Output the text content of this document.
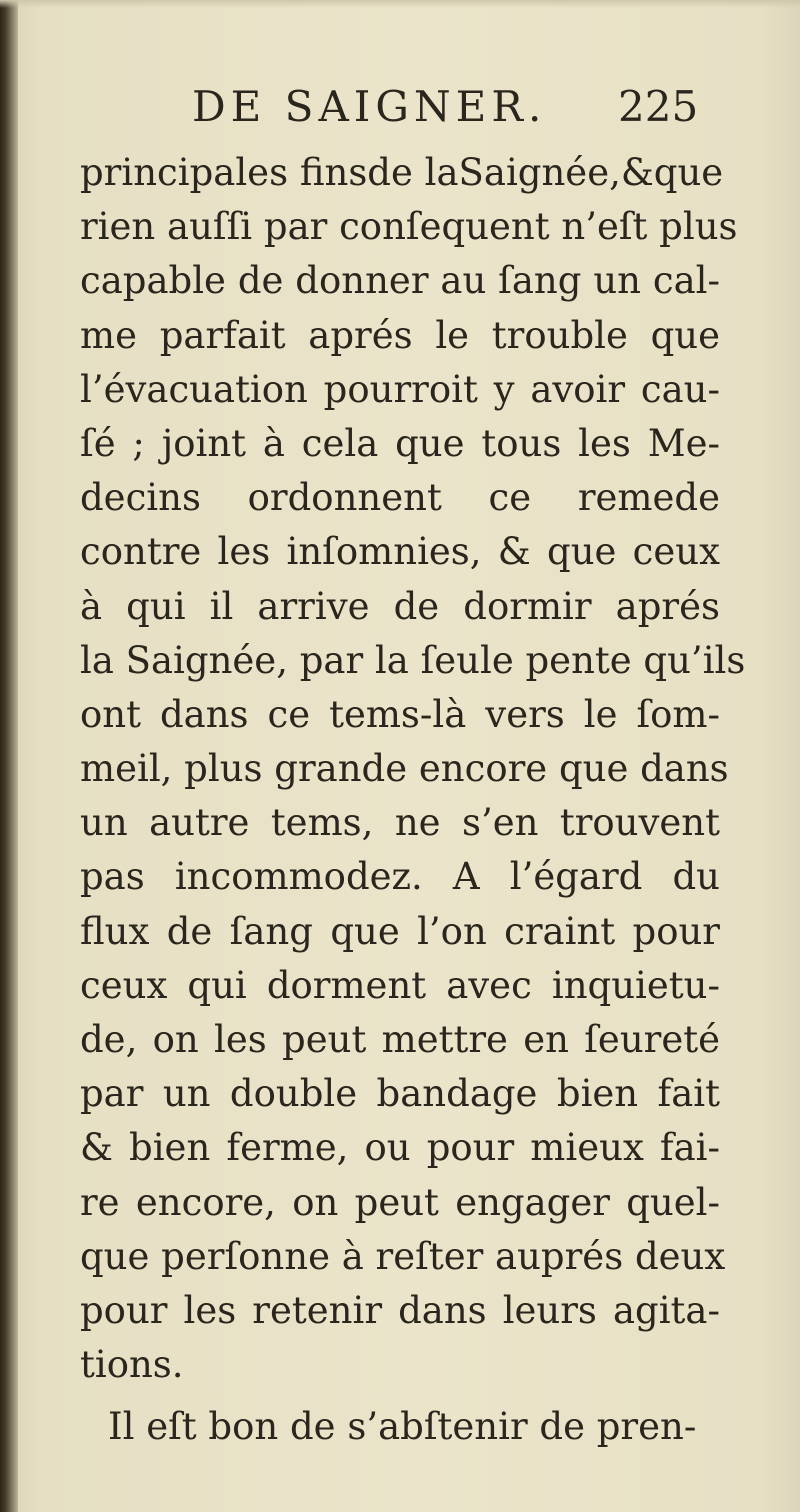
DE SAIGNER. 225
principales finsde laSaignée,&que
rien auſſi par conſequent n’eſt plus
capable de donner au ſang un cal-
me parfait aprés le trouble que
l’évacuation pourroit y avoir cau-
ſé ; joint à cela que tous les Me-
decins ordonnent ce remede
contre les inſomnies, & que ceux
à qui il arrive de dormir aprés
la Saignée, par la ſeule pente qu’ils
ont dans ce tems-là vers le ſom-
meil, plus grande encore que dans
un autre tems, ne s’en trouvent
pas incommodez. A l’égard du
flux de ſang que l’on craint pour
ceux qui dorment avec inquietu-
de, on les peut mettre en ſeureté
par un double bandage bien fait
& bien ferme, ou pour mieux fai-
re encore, on peut engager quel-
que perſonne à reſter auprés deux
pour les retenir dans leurs agita-
tions.
Il eſt bon de s’abſtenir de pren-
